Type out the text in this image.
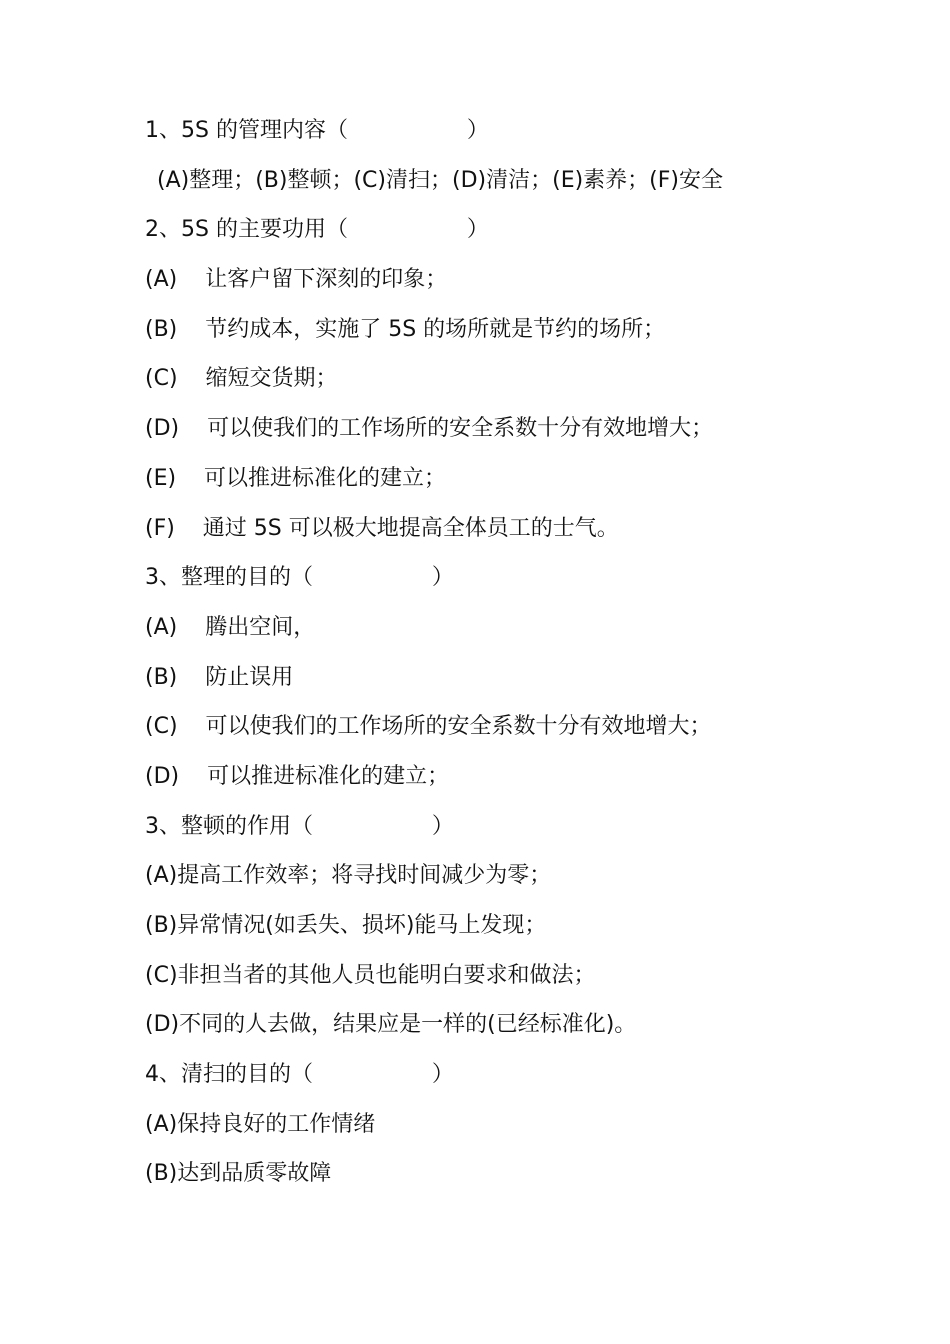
1、5S 的管理内容（                 ）
(A)整理；(B)整顿；(C)清扫；(D)清洁；(E)素养；(F)安全
2、5S 的主要功用（                 ）
(A)    让客户留下深刻的印象；
(B)    节约成本，实施了 5S 的场所就是节约的场所；
(C)    缩短交货期；
(D)    可以使我们的工作场所的安全系数十分有效地增大；
(E)    可以推进标准化的建立；
(F)    通过 5S 可以极大地提高全体员工的士气。
3、整理的目的（                 ）
(A)    腾出空间，
(B)    防止误用
(C)    可以使我们的工作场所的安全系数十分有效地增大；
(D)    可以推进标准化的建立；
3、整顿的作用（                 ）
(A)提高工作效率；将寻找时间减少为零；
(B)异常情况(如丢失、损坏)能马上发现；
(C)非担当者的其他人员也能明白要求和做法；
(D)不同的人去做，结果应是一样的(已经标准化)。
4、清扫的目的（                 ）
(A)保持良好的工作情绪
(B)达到品质零故障
